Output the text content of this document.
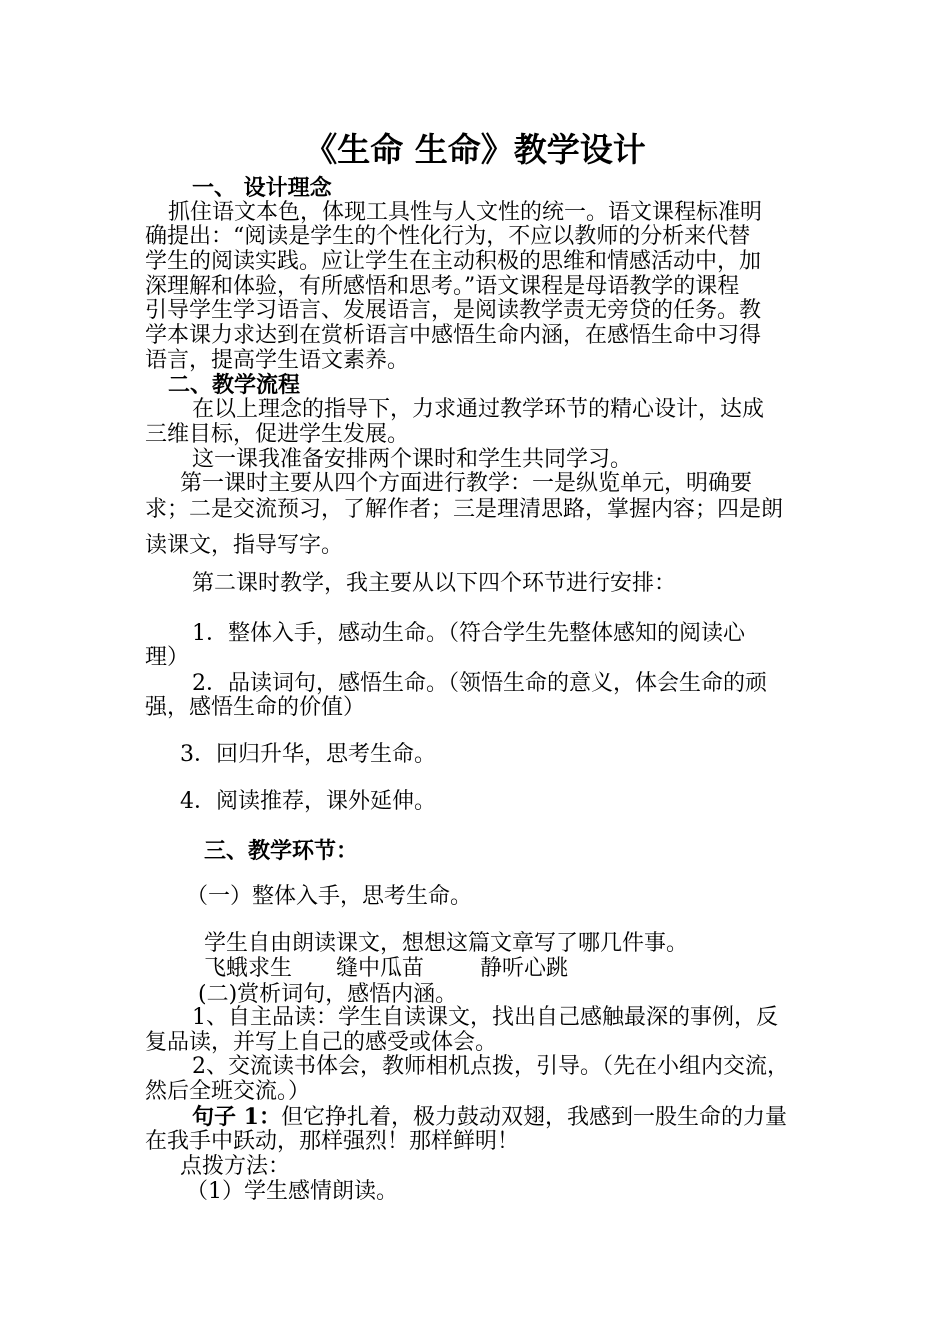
《生命 生命》教学设计
一、 设计理念
抓住语文本色，体现工具性与人文性的统一。语文课程标准明
确提出：“阅读是学生的个性化行为，不应以教师的分析来代替
学生的阅读实践。应让学生在主动积极的思维和情感活动中，加
深理解和体验，有所感悟和思考。”语文课程是母语教学的课程
引导学生学习语言、发展语言，是阅读教学责无旁贷的任务。教
学本课力求达到在赏析语言中感悟生命内涵，在感悟生命中习得
语言，提高学生语文素养。
二、教学流程
在以上理念的指导下，力求通过教学环节的精心设计，达成
三维目标，促进学生发展。
这一课我准备安排两个课时和学生共同学习。
第一课时主要从四个方面进行教学：一是纵览单元，明确要
求；二是交流预习，了解作者；三是理清思路，掌握内容；四是朗
读课文，指导写字。
第二课时教学，我主要从以下四个环节进行安排：
1．整体入手，感动生命。（符合学生先整体感知的阅读心
理）
2．品读词句，感悟生命。（领悟生命的意义，体会生命的顽
强，感悟生命的价值）
3．回归升华，思考生命。
4．阅读推荐，课外延伸。
三、教学环节：
（一）整体入手，思考生命。
学生自由朗读课文，想想这篇文章写了哪几件事。
飞蛾求生	缝中瓜苗	静听心跳
(二)赏析词句，感悟内涵。
1、自主品读：学生自读课文，找出自己感触最深的事例，反
复品读，并写上自己的感受或体会。
2、交流读书体会，教师相机点拨，引导。（先在小组内交流，
然后全班交流。）
句子 1：但它挣扎着，极力鼓动双翅，我感到一股生命的力量
在我手中跃动，那样强烈！那样鲜明！
点拨方法：
（1）学生感情朗读。
